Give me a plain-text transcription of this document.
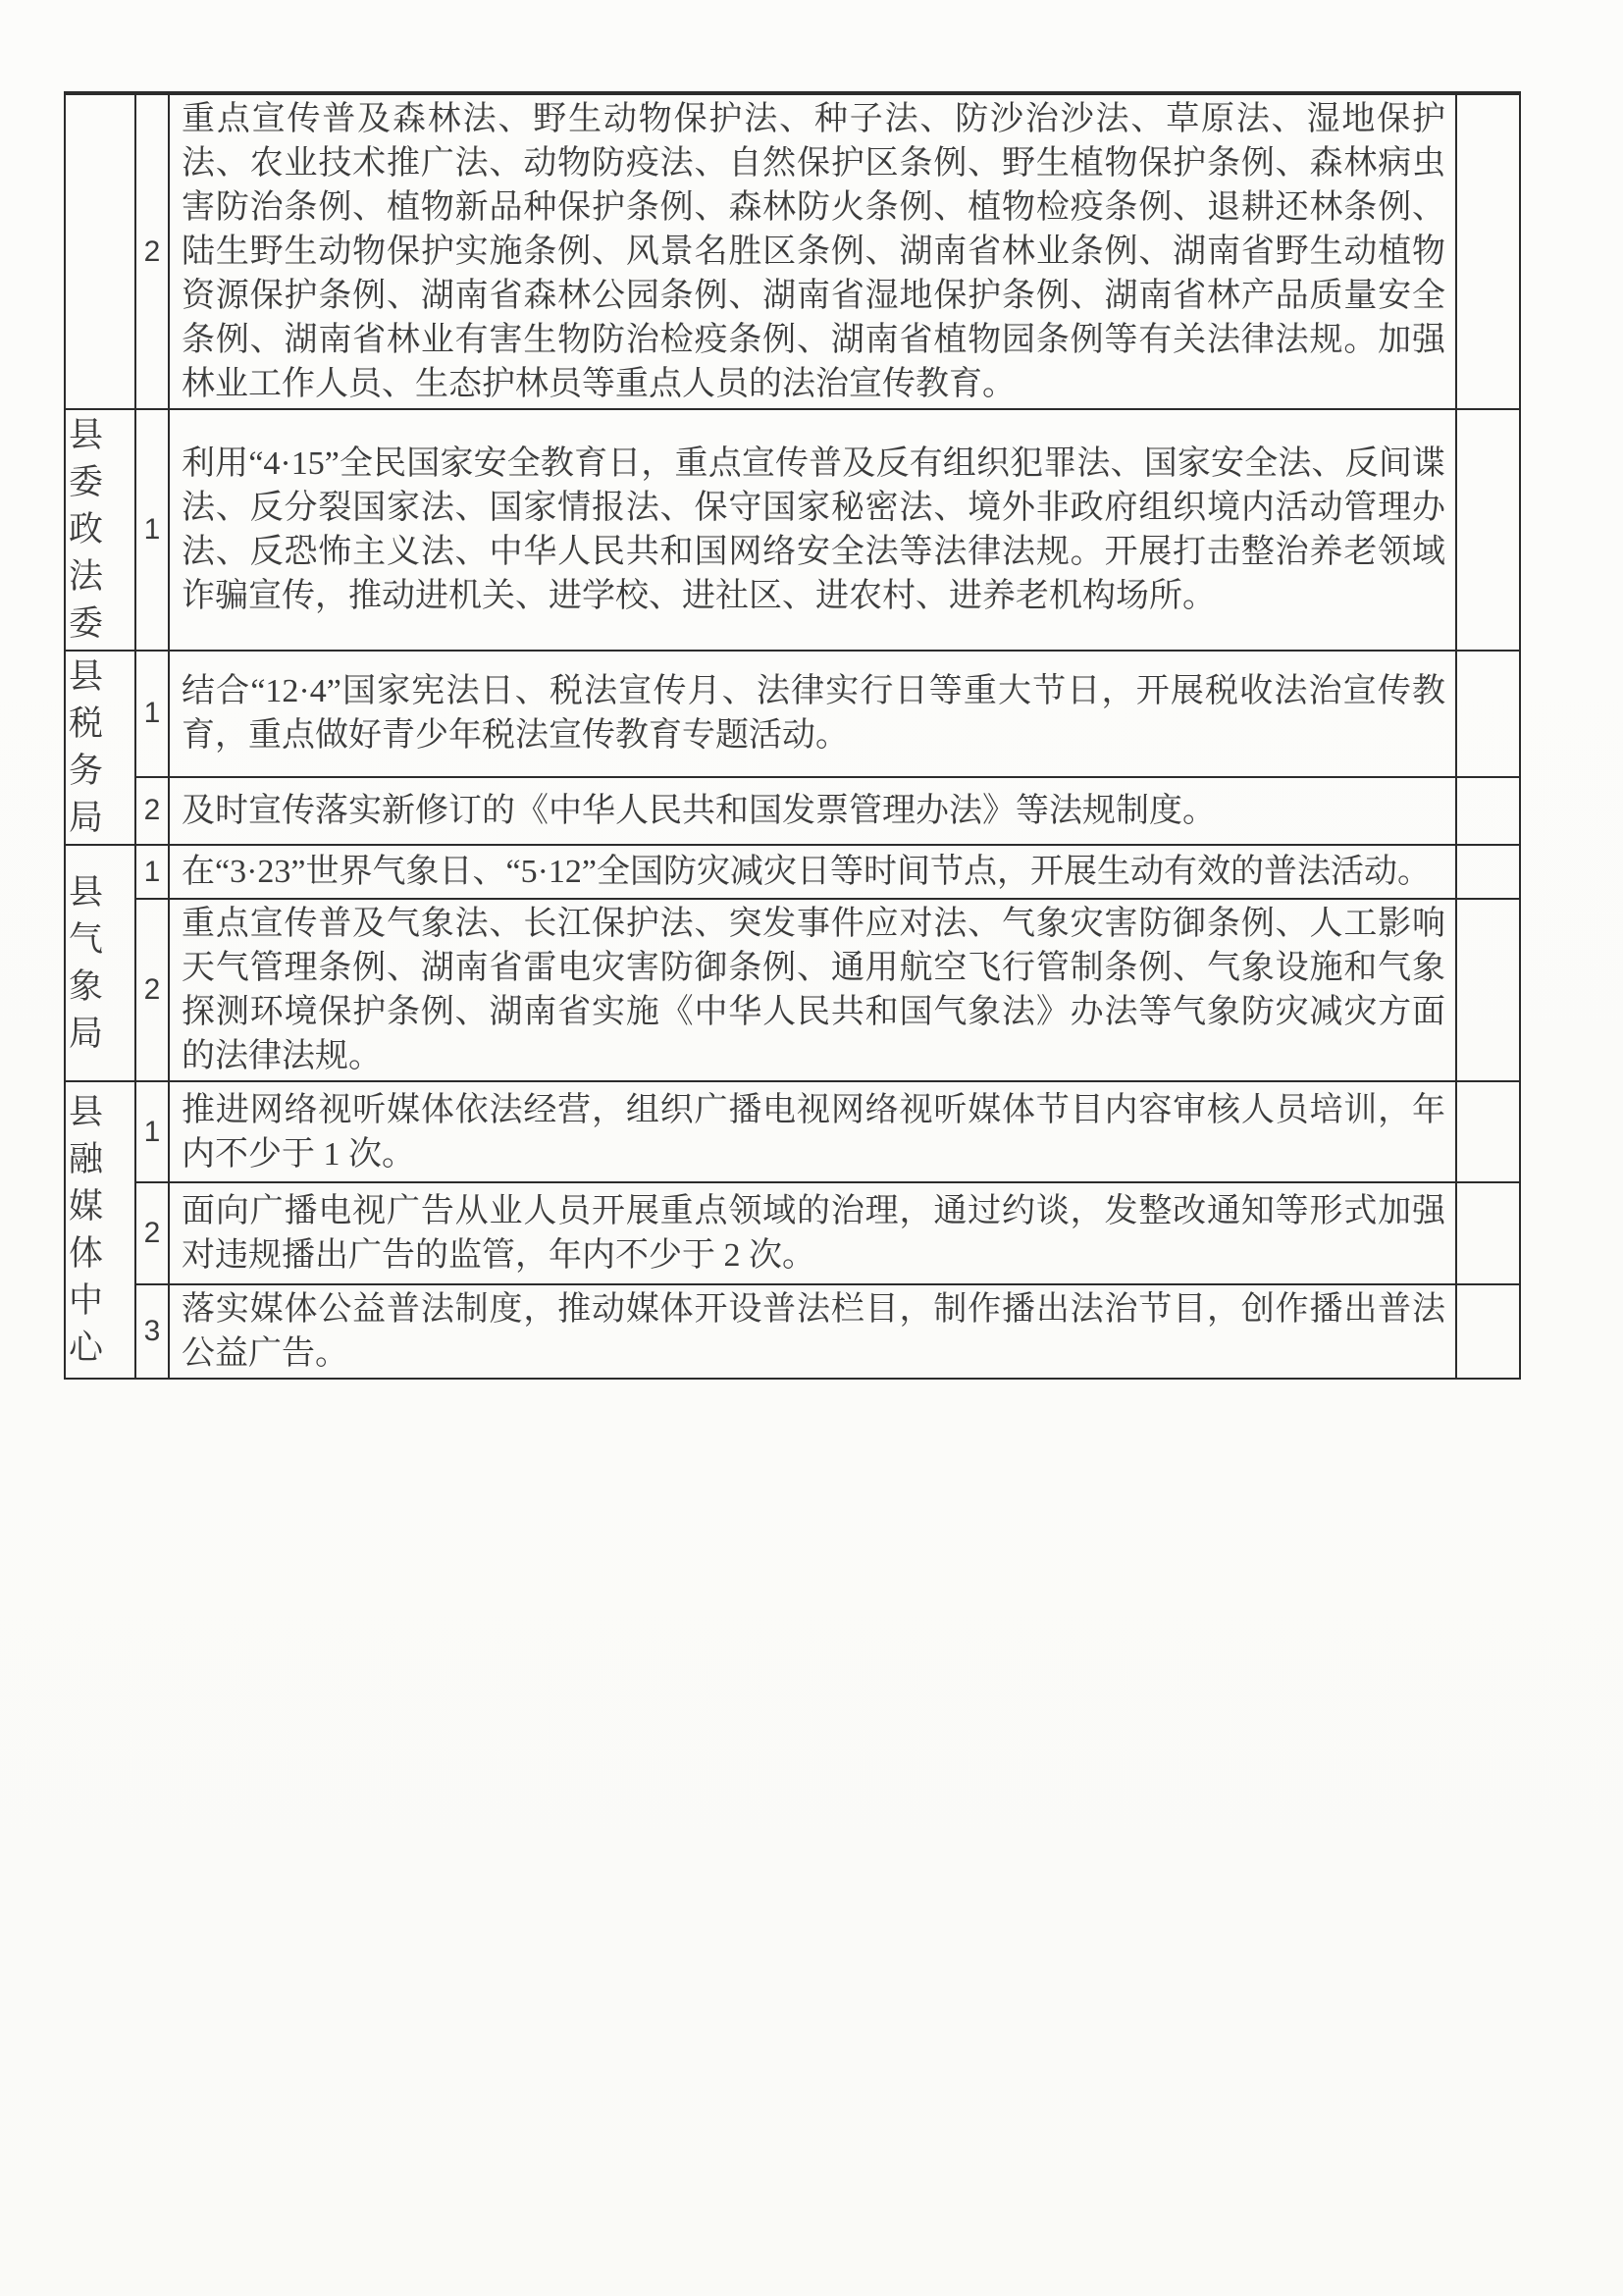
	2	重点宣传普及森林法、野生动物保护法、种子法、防沙治沙法、草原法、湿地保护法、农业技术推广法、动物防疫法、自然保护区条例、野生植物保护条例、森林病虫害防治条例、植物新品种保护条例、森林防火条例、植物检疫条例、退耕还林条例、陆生野生动物保护实施条例、风景名胜区条例、湖南省林业条例、湖南省野生动植物资源保护条例、湖南省森林公园条例、湖南省湿地保护条例、湖南省林产品质量安全条例、湖南省林业有害生物防治检疫条例、湖南省植物园条例等有关法律法规。加强林业工作人员、生态护林员等重点人员的法治宣传教育。	
县委政法委	1	利用“4·15”全民国家安全教育日，重点宣传普及反有组织犯罪法、国家安全法、反间谍法、反分裂国家法、国家情报法、保守国家秘密法、境外非政府组织境内活动管理办法、反恐怖主义法、中华人民共和国网络安全法等法律法规。开展打击整治养老领域诈骗宣传，推动进机关、进学校、进社区、进农村、进养老机构场所。	
县税务局	1	结合“12·4”国家宪法日、税法宣传月、法律实行日等重大节日，开展税收法治宣传教育，重点做好青少年税法宣传教育专题活动。	
	2	及时宣传落实新修订的《中华人民共和国发票管理办法》等法规制度。	
县气象局	1	在“3·23”世界气象日、“5·12”全国防灾减灾日等时间节点，开展生动有效的普法活动。	
	2	重点宣传普及气象法、长江保护法、突发事件应对法、气象灾害防御条例、人工影响天气管理条例、湖南省雷电灾害防御条例、通用航空飞行管制条例、气象设施和气象探测环境保护条例、湖南省实施《中华人民共和国气象法》办法等气象防灾减灾方面的法律法规。	
县融媒体中心	1	推进网络视听媒体依法经营，组织广播电视网络视听媒体节目内容审核人员培训，年内不少于 1 次。	
	2	面向广播电视广告从业人员开展重点领域的治理，通过约谈，发整改通知等形式加强对违规播出广告的监管，年内不少于 2 次。	
	3	落实媒体公益普法制度，推动媒体开设普法栏目，制作播出法治节目，创作播出普法公益广告。	
